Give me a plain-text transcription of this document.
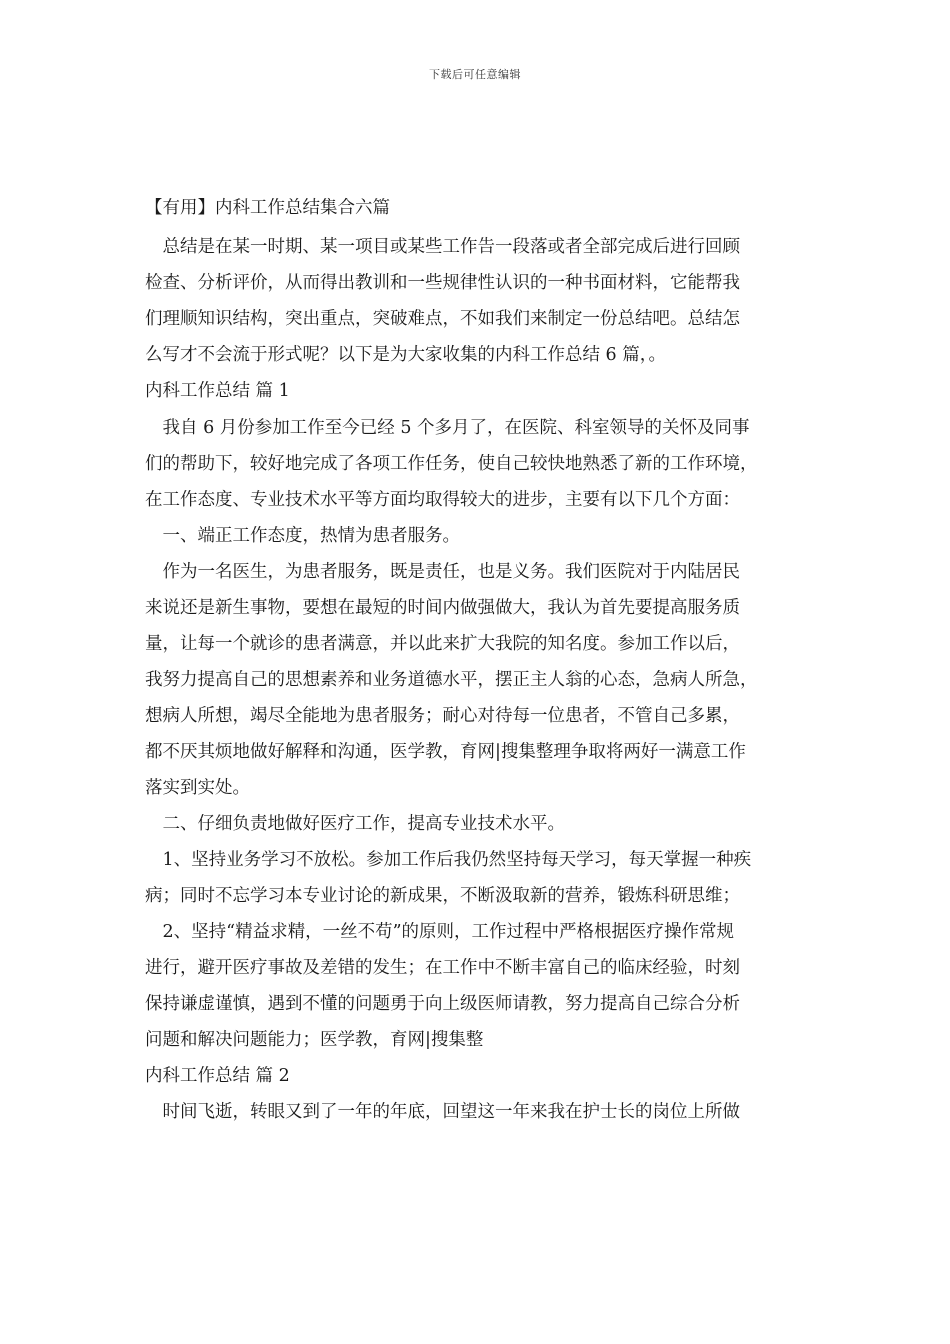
下载后可任意编辑
【有用】内科工作总结集合六篇
　总结是在某一时期、某一项目或某些工作告一段落或者全部完成后进行回顾
检查、分析评价，从而得出教训和一些规律性认识的一种书面材料，它能帮我
们理顺知识结构，突出重点，突破难点，不如我们来制定一份总结吧。总结怎
么写才不会流于形式呢？以下是为大家收集的内科工作总结 6 篇，。
内科工作总结 篇 1
　我自 6 月份参加工作至今已经 5 个多月了，在医院、科室领导的关怀及同事
们的帮助下，较好地完成了各项工作任务，使自己较快地熟悉了新的工作环境，
在工作态度、专业技术水平等方面均取得较大的进步，主要有以下几个方面：
　一、端正工作态度，热情为患者服务。
　作为一名医生，为患者服务，既是责任，也是义务。我们医院对于内陆居民
来说还是新生事物，要想在最短的时间内做强做大，我认为首先要提高服务质
量，让每一个就诊的患者满意，并以此来扩大我院的知名度。参加工作以后，
我努力提高自己的思想素养和业务道德水平，摆正主人翁的心态，急病人所急，
想病人所想，竭尽全能地为患者服务；耐心对待每一位患者，不管自己多累，
都不厌其烦地做好解释和沟通，医学教，育网|搜集整理争取将两好一满意工作
落实到实处。
　二、仔细负责地做好医疗工作，提高专业技术水平。
　1、坚持业务学习不放松。参加工作后我仍然坚持每天学习，每天掌握一种疾
病；同时不忘学习本专业讨论的新成果，不断汲取新的营养，锻炼科研思维；
　2、坚持“精益求精，一丝不苟”的原则，工作过程中严格根据医疗操作常规
进行，避开医疗事故及差错的发生；在工作中不断丰富自己的临床经验，时刻
保持谦虚谨慎，遇到不懂的问题勇于向上级医师请教，努力提高自己综合分析
问题和解决问题能力；医学教，育网|搜集整
内科工作总结 篇 2
　时间飞逝，转眼又到了一年的年底，回望这一年来我在护士长的岗位上所做
